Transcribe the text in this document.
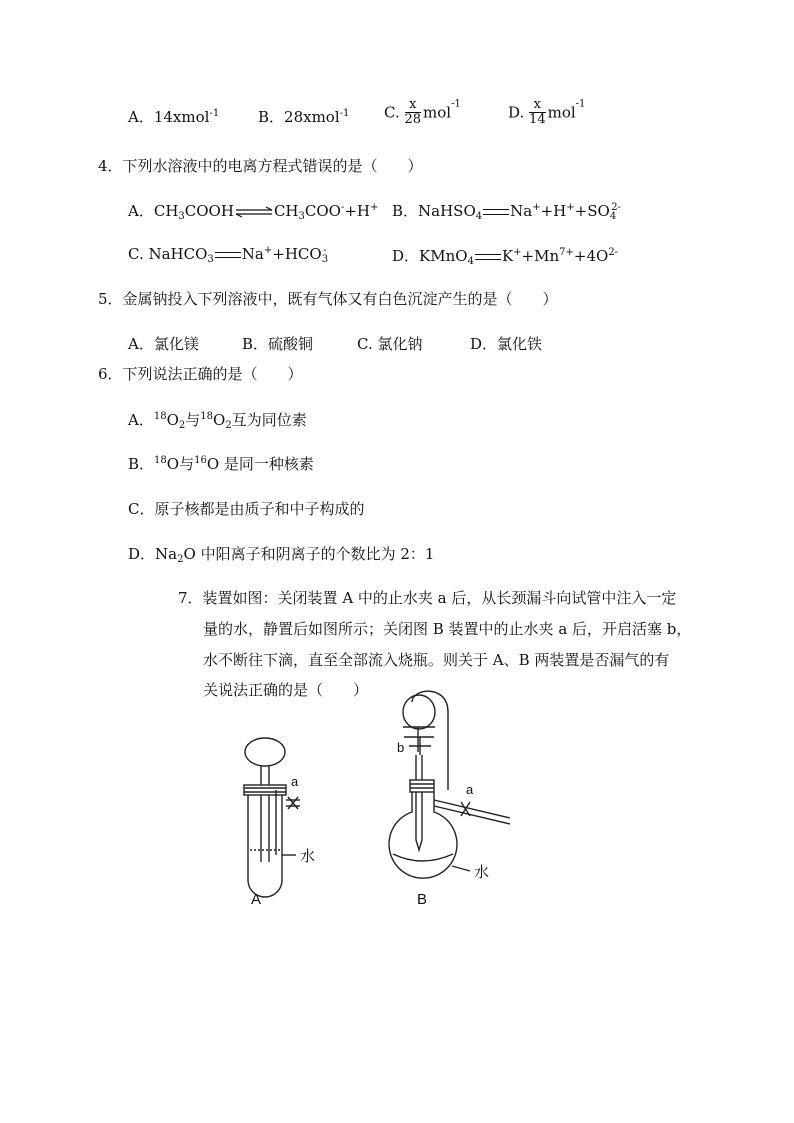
A．14xmol$^{-1}$	B．28xmol$^{-1}$ C. $\frac{x}{28} mol^{-1}$	D. $\frac{x}{14} mol^{-1}$
4．下列水溶液中的电离方程式错误的是（　　）
A．$CH_3COOH\rightleftharpoons CH_3COO^-+H^+$ B．NaHSO$_4$ $Na^++H^++SO_4^{2-}$
C. NaHCO$_3$ $Na^++HCO_3^-$	D．KMnO$_4$ $K^++Mn^{7+}+4O^{2-}$
5．金属钠投入下列溶液中，既有气体又有白色沉淀产生的是（　　）
A．氯化镁	B．硫酸铜	C. 氯化钠	D．氯化铁
6．下列说法正确的是（　　）
A．$^{18}O_2$与$^{18}O_2$互为同位素
B．$^{18}$O与$^{16}$O 是同一种核素
C．原子核都是由质子和中子构成的
D．$Na_2O$ 中阳离子和阴离子的个数比为 2：1
7．装置如图：关闭装置 A 中的止水夹 a 后，从长颈漏斗向试管中注入一定
量的水，静置后如图所示；关闭图 B 装置中的止水夹 a 后，开启活塞 b，
水不断往下滴，直至全部流入烧瓶。则关于 A、B 两装置是否漏气的有
关说法正确的是（　　）
a
水
A
b
a
水
B
